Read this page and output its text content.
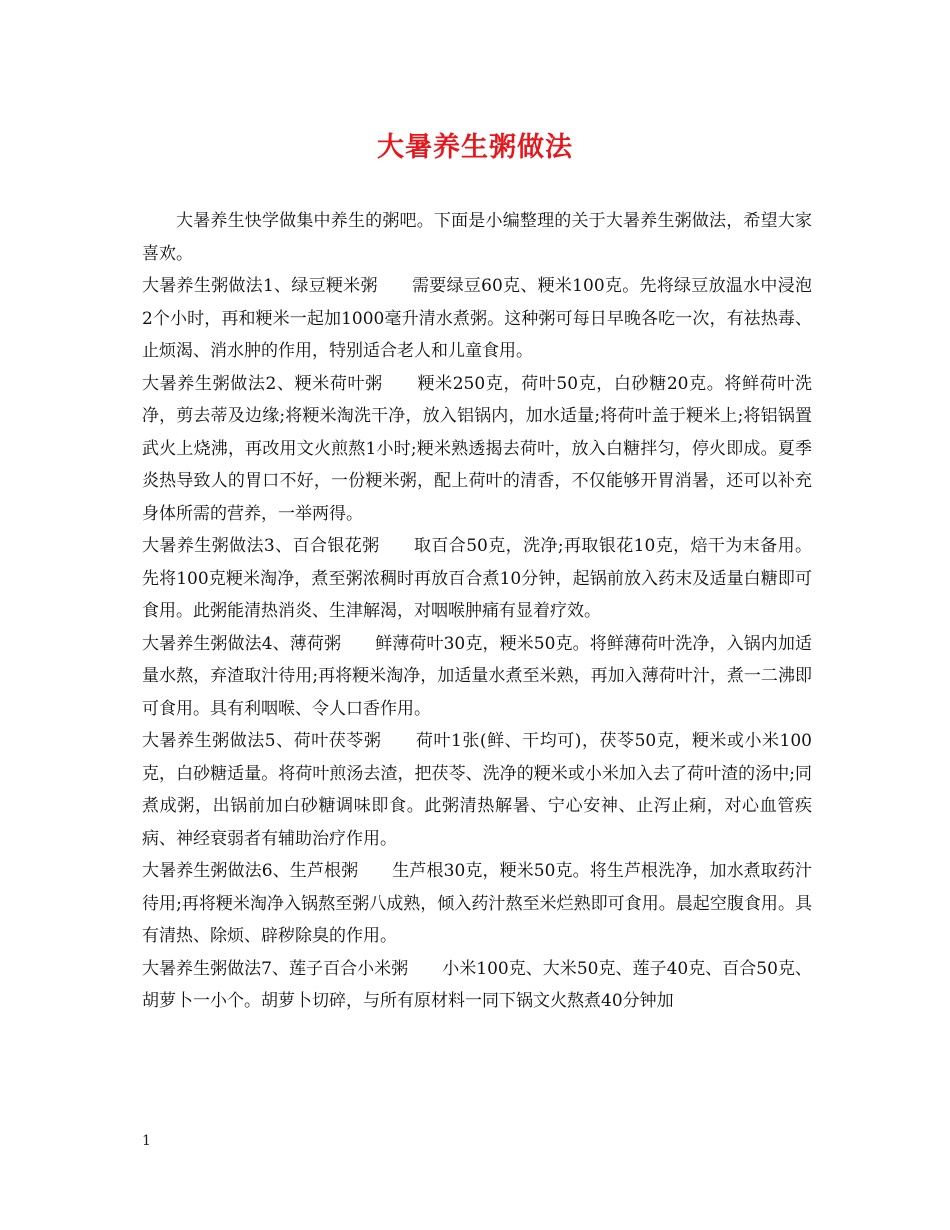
大暑养生粥做法

大暑养生快学做集中养生的粥吧。下面是小编整理的关于大暑养生粥做法，希望大家喜欢。

大暑养生粥做法1、绿豆粳米粥 需要绿豆60克、粳米100克。先将绿豆放温水中浸泡2个小时，再和粳米一起加1000毫升清水煮粥。这种粥可每日早晚各吃一次，有祛热毒、止烦渴、消水肿的作用，特别适合老人和儿童食用。

大暑养生粥做法2、粳米荷叶粥 粳米250克，荷叶50克，白砂糖20克。将鲜荷叶洗净，剪去蒂及边缘;将粳米淘洗干净，放入铝锅内，加水适量;将荷叶盖于粳米上;将铝锅置武火上烧沸，再改用文火煎熬1小时;粳米熟透揭去荷叶，放入白糖拌匀，停火即成。夏季炎热导致人的胃口不好，一份粳米粥，配上荷叶的清香，不仅能够开胃消暑，还可以补充身体所需的营养，一举两得。

大暑养生粥做法3、百合银花粥 取百合50克，洗净;再取银花10克，焙干为末备用。先将100克粳米淘净，煮至粥浓稠时再放百合煮10分钟，起锅前放入药末及适量白糖即可食用。此粥能清热消炎、生津解渴，对咽喉肿痛有显着疗效。

大暑养生粥做法4、薄荷粥 鲜薄荷叶30克，粳米50克。将鲜薄荷叶洗净，入锅内加适量水熬，弃渣取汁待用;再将粳米淘净，加适量水煮至米熟，再加入薄荷叶汁，煮一二沸即可食用。具有利咽喉、令人口香作用。

大暑养生粥做法5、荷叶茯苓粥 荷叶1张(鲜、干均可)，茯苓50克，粳米或小米100克，白砂糖适量。将荷叶煎汤去渣，把茯苓、洗净的粳米或小米加入去了荷叶渣的汤中;同煮成粥，出锅前加白砂糖调味即食。此粥清热解暑、宁心安神、止泻止痢，对心血管疾病、神经衰弱者有辅助治疗作用。

大暑养生粥做法6、生芦根粥 生芦根30克，粳米50克。将生芦根洗净，加水煮取药汁待用;再将粳米淘净入锅熬至粥八成熟，倾入药汁熬至米烂熟即可食用。晨起空腹食用。具有清热、除烦、辟秽除臭的作用。

大暑养生粥做法7、莲子百合小米粥 小米100克、大米50克、莲子40克、百合50克、胡萝卜一小个。胡萝卜切碎，与所有原材料一同下锅文火熬煮40分钟加

1
